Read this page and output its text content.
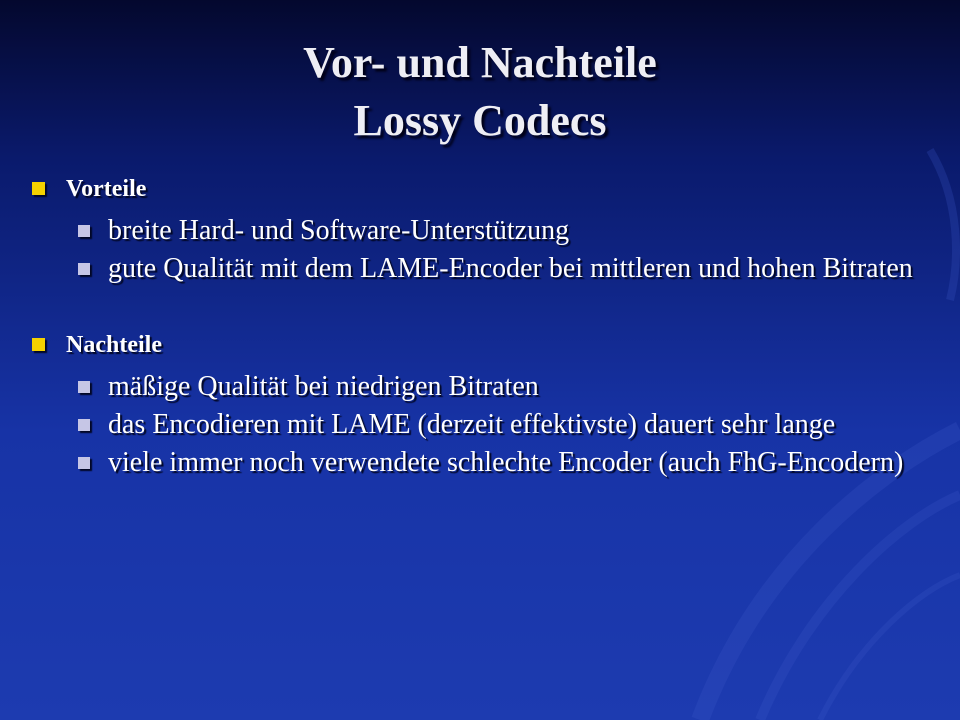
Vor- und Nachteile
Lossy Codecs
Vorteile
breite Hard- und Software-Unterstützung
gute Qualität mit dem LAME-Encoder bei mittleren und hohen Bitraten
Nachteile
mäßige Qualität bei niedrigen Bitraten
das Encodieren mit LAME (derzeit effektivste) dauert sehr lange
viele immer noch verwendete schlechte Encoder (auch FhG-Encodern)
